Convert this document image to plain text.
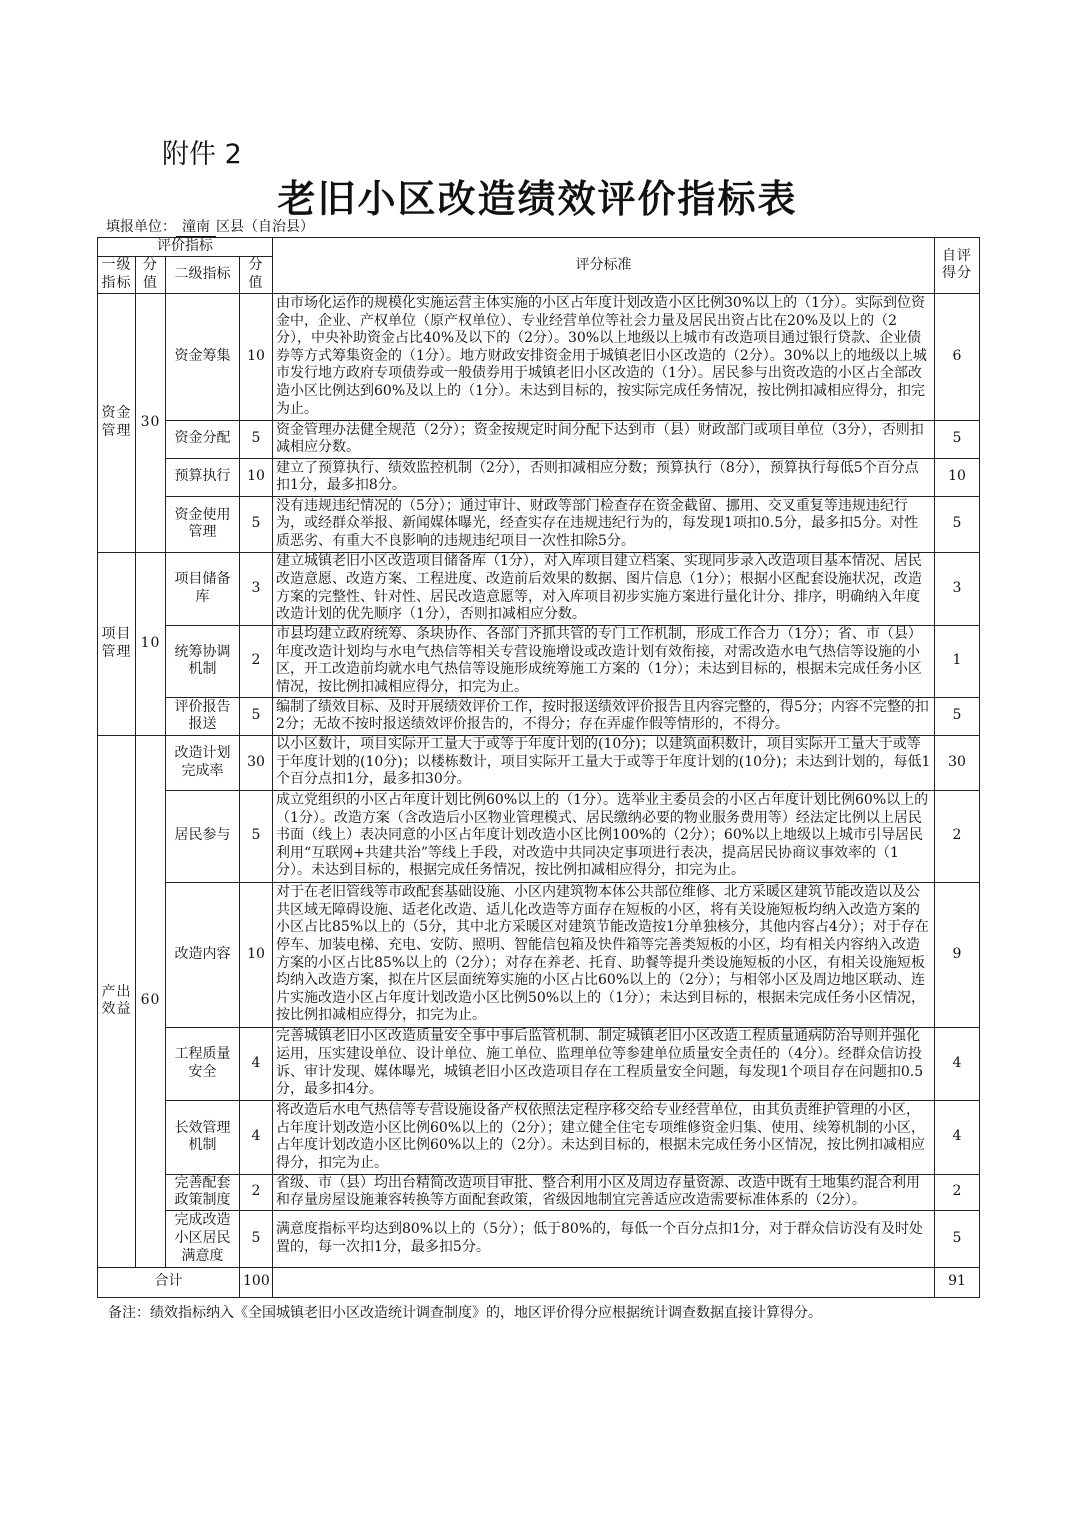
附件 2
老旧小区改造绩效评价指标表
填报单位： 潼南 区县（自治县）
评价指标				评分标准	自评得分
一级指标	分值	二级指标	分值		
资金管理	30	资金筹集	10	由市场化运作的规模化实施运营主体实施的小区占年度计划改造小区比例30%以上的（1分）。实际到位资金中，企业、产权单位（原产权单位）、专业经营单位等社会力量及居民出资占比在20%及以上的（2分），中央补助资金占比40%及以下的（2分）。30%以上地级以上城市有改造项目通过银行贷款、企业债券等方式筹集资金的（1分）。地方财政安排资金用于城镇老旧小区改造的（2分）。30%以上的地级以上城市发行地方政府专项债券或一般债券用于城镇老旧小区改造的（1分）。居民参与出资改造的小区占全部改造小区比例达到60%及以上的（1分）。未达到目标的，按实际完成任务情况，按比例扣减相应得分，扣完为止。	6
		资金分配	5	资金管理办法健全规范（2分）；资金按规定时间分配下达到市（县）财政部门或项目单位（3分），否则扣减相应分数。	5
		预算执行	10	建立了预算执行、绩效监控机制（2分），否则扣减相应分数；预算执行（8分），预算执行每低5个百分点扣1分，最多扣8分。	10
		资金使用管理	5	没有违规违纪情况的（5分）；通过审计、财政等部门检查存在资金截留、挪用、交叉重复等违规违纪行为，或经群众举报、新闻媒体曝光，经查实存在违规违纪行为的，每发现1项扣0.5分，最多扣5分。对性质恶劣、有重大不良影响的违规违纪项目一次性扣除5分。	5
项目管理	10	项目储备库	3	建立城镇老旧小区改造项目储备库（1分），对入库项目建立档案、实现同步录入改造项目基本情况、居民改造意愿、改造方案、工程进度、改造前后效果的数据、图片信息（1分）；根据小区配套设施状况，改造方案的完整性、针对性、居民改造意愿等，对入库项目初步实施方案进行量化计分、排序，明确纳入年度改造计划的优先顺序（1分），否则扣减相应分数。	3
		统筹协调机制	2	市县均建立政府统筹、条块协作、各部门齐抓共管的专门工作机制，形成工作合力（1分）；省、市（县）年度改造计划均与水电气热信等相关专营设施增设或改造计划有效衔接，对需改造水电气热信等设施的小区，开工改造前均就水电气热信等设施形成统筹施工方案的（1分）；未达到目标的，根据未完成任务小区情况，按比例扣减相应得分，扣完为止。	1
		评价报告报送	5	编制了绩效目标、及时开展绩效评价工作，按时报送绩效评价报告且内容完整的，得5分；内容不完整的扣2分；无故不按时报送绩效评价报告的，不得分；存在弄虚作假等情形的，不得分。	5
产出效益	60	改造计划完成率	30	以小区数计，项目实际开工量大于或等于年度计划的(10分)；以建筑面积数计，项目实际开工量大于或等于年度计划的(10分)；以楼栋数计，项目实际开工量大于或等于年度计划的(10分)；未达到计划的，每低1个百分点扣1分，最多扣30分。	30
		居民参与	5	成立党组织的小区占年度计划比例60%以上的（1分）。选举业主委员会的小区占年度计划比例60%以上的（1分）。改造方案（含改造后小区物业管理模式、居民缴纳必要的物业服务费用等）经法定比例以上居民书面（线上）表决同意的小区占年度计划改造小区比例100%的（2分）；60%以上地级以上城市引导居民利用“互联网+共建共治”等线上手段，对改造中共同决定事项进行表决，提高居民协商议事效率的（1分）。未达到目标的，根据完成任务情况，按比例扣减相应得分，扣完为止。	2
		改造内容	10	对于在老旧管线等市政配套基础设施、小区内建筑物本体公共部位维修、北方采暖区建筑节能改造以及公共区域无障碍设施、适老化改造、适儿化改造等方面存在短板的小区，将有关设施短板均纳入改造方案的小区占比85%以上的（5分，其中北方采暖区对建筑节能改造按1分单独核分，其他内容占4分）；对于存在停车、加装电梯、充电、安防、照明、智能信包箱及快件箱等完善类短板的小区，均有相关内容纳入改造方案的小区占比85%以上的（2分）；对存在养老、托育、助餐等提升类设施短板的小区，有相关设施短板均纳入改造方案，拟在片区层面统筹实施的小区占比60%以上的（2分）；与相邻小区及周边地区联动、连片实施改造小区占年度计划改造小区比例50%以上的（1分）；未达到目标的，根据未完成任务小区情况，按比例扣减相应得分，扣完为止。	9
		工程质量安全	4	完善城镇老旧小区改造质量安全事中事后监管机制、制定城镇老旧小区改造工程质量通病防治导则并强化运用，压实建设单位、设计单位、施工单位、监理单位等参建单位质量安全责任的（4分）。经群众信访投诉、审计发现、媒体曝光，城镇老旧小区改造项目存在工程质量安全问题，每发现1个项目存在问题扣0.5分，最多扣4分。	4
		长效管理机制	4	将改造后水电气热信等专营设施设备产权依照法定程序移交给专业经营单位，由其负责维护管理的小区，占年度计划改造小区比例60%以上的（2分）；建立健全住宅专项维修资金归集、使用、续筹机制的小区，占年度计划改造小区比例60%以上的（2分）。未达到目标的，根据未完成任务小区情况，按比例扣减相应得分，扣完为止。	4
		完善配套政策制度	2	省级、市（县）均出台精简改造项目审批、整合利用小区及周边存量资源、改造中既有土地集约混合利用和存量房屋设施兼容转换等方面配套政策，省级因地制宜完善适应改造需要标准体系的（2分）。	2
		完成改造小区居民满意度	5	满意度指标平均达到80%以上的（5分）；低于80%的，每低一个百分点扣1分，对于群众信访没有及时处置的，每一次扣1分，最多扣5分。	5
合计			100		91
备注：绩效指标纳入《全国城镇老旧小区改造统计调查制度》的，地区评价得分应根据统计调查数据直接计算得分。
